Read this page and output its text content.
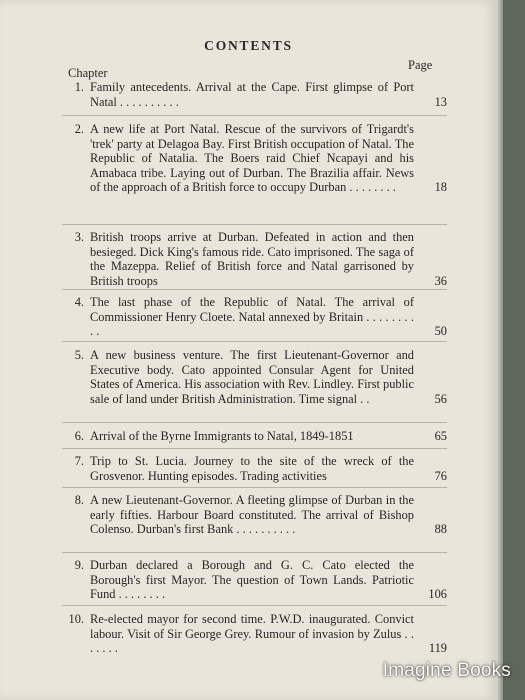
CONTENTS
Chapter
Page
1. Family antecedents. Arrival at the Cape. First glimpse of Port Natal . . . . . . . . . .	13
2. A new life at Port Natal. Rescue of the survivors of Trigardt's 'trek' party at Delagoa Bay. First British occupation of Natal. The Republic of Natalia. The Boers raid Chief Ncapayi and his Amabaca tribe. Laying out of Durban. The Brazilia affair. News of the approach of a British force to occupy Durban . . . . . . . .	18
3. British troops arrive at Durban. Defeated in action and then besieged. Dick King's famous ride. Cato imprisoned. The saga of the Mazeppa. Relief of British force and Natal garrisoned by British troops	36
4. The last phase of the Republic of Natal. The arrival of Commissioner Henry Cloete. Natal annexed by Britain . . . . . . . . . .	50
5. A new business venture. The first Lieutenant-Governor and Executive body. Cato appointed Consular Agent for United States of America. His association with Rev. Lindley. First public sale of land under British Administration. Time signal . .	56
6. Arrival of the Byrne Immigrants to Natal, 1849-1851	65
7. Trip to St. Lucia. Journey to the site of the wreck of the Grosvenor. Hunting episodes. Trading activities	76
8. A new Lieutenant-Governor. A fleeting glimpse of Durban in the early fifties. Harbour Board constituted. The arrival of Bishop Colenso. Durban's first Bank . . . . . . . . . .	88
9. Durban declared a Borough and G. C. Cato elected the Borough's first Mayor. The question of Town Lands. Patriotic Fund . . . . . . . .	106
10. Re-elected mayor for second time. P.W.D. inaugurated. Convict labour. Visit of Sir George Grey. Rumour of invasion by Zulus . . . . . . .	119
Imagine Books
